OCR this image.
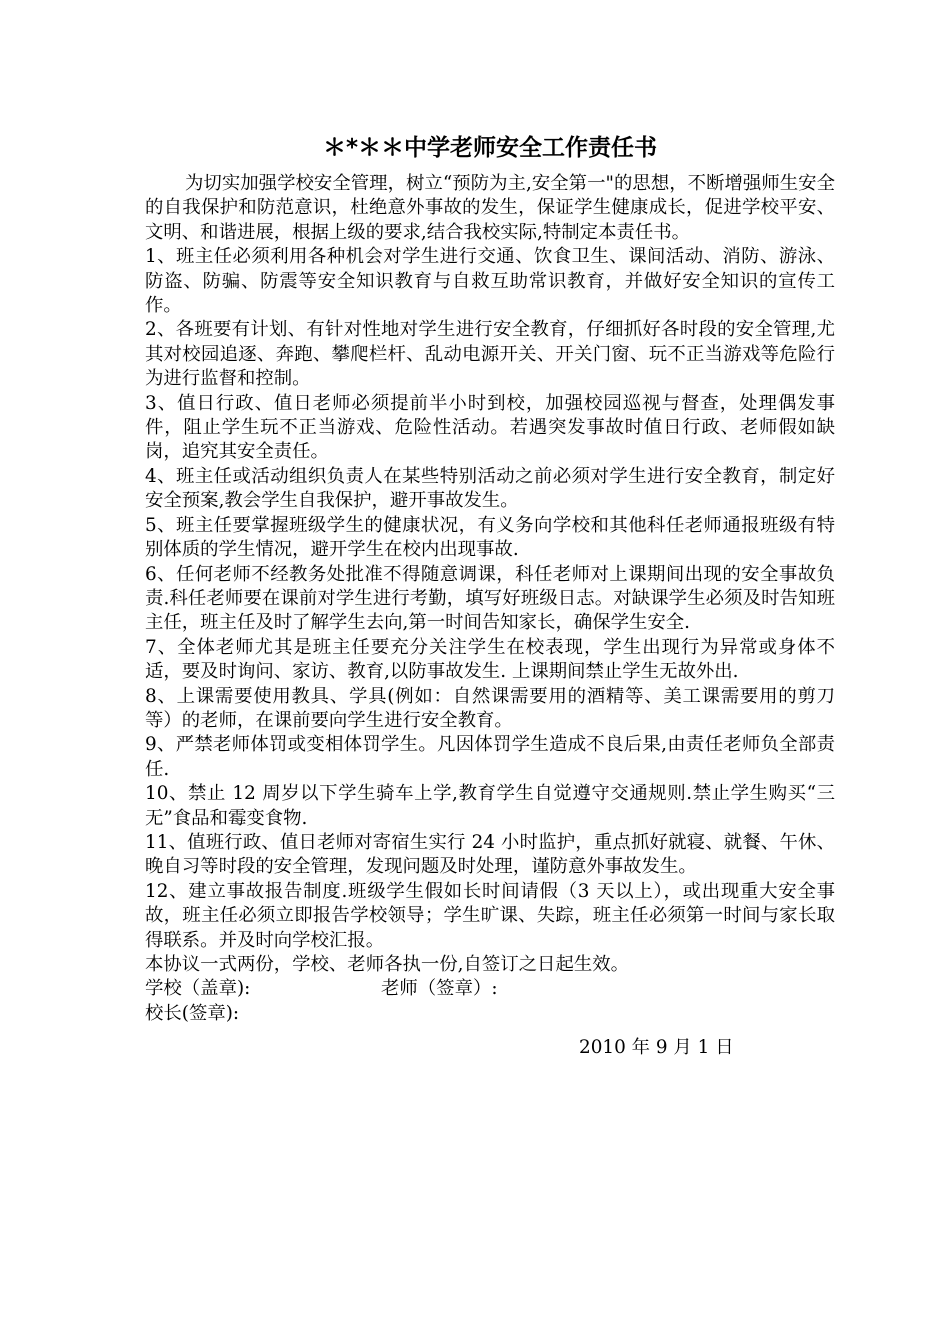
＊*＊＊中学老师安全工作责任书

为切实加强学校安全管理，树立“预防为主,安全第一"的思想，不断增强师生安全的自我保护和防范意识，杜绝意外事故的发生，保证学生健康成长，促进学校平安、文明、和谐进展，根据上级的要求,结合我校实际,特制定本责任书。

1、班主任必须利用各种机会对学生进行交通、饮食卫生、课间活动、消防、游泳、防盗、防骗、防震等安全知识教育与自救互助常识教育，并做好安全知识的宣传工作。

2、各班要有计划、有针对性地对学生进行安全教育，仔细抓好各时段的安全管理,尤其对校园追逐、奔跑、攀爬栏杆、乱动电源开关、开关门窗、玩不正当游戏等危险行为进行监督和控制。

3、值日行政、值日老师必须提前半小时到校，加强校园巡视与督查，处理偶发事件，阻止学生玩不正当游戏、危险性活动。若遇突发事故时值日行政、老师假如缺岗，追究其安全责任。

4、班主任或活动组织负责人在某些特别活动之前必须对学生进行安全教育，制定好安全预案,教会学生自我保护，避开事故发生。

5、班主任要掌握班级学生的健康状况，有义务向学校和其他科任老师通报班级有特别体质的学生情况，避开学生在校内出现事故.

6、任何老师不经教务处批准不得随意调课，科任老师对上课期间出现的安全事故负责.科任老师要在课前对学生进行考勤，填写好班级日志。对缺课学生必须及时告知班主任，班主任及时了解学生去向,第一时间告知家长，确保学生安全.

7、全体老师尤其是班主任要充分关注学生在校表现，学生出现行为异常或身体不适，要及时询问、家访、教育,以防事故发生. 上课期间禁止学生无故外出.

8、上课需要使用教具、学具(例如：自然课需要用的酒精等、美工课需要用的剪刀等）的老师，在课前要向学生进行安全教育。

9、严禁老师体罚或变相体罚学生。凡因体罚学生造成不良后果,由责任老师负全部责任.

10、禁止 12 周岁以下学生骑车上学,教育学生自觉遵守交通规则.禁止学生购买“三无”食品和霉变食物.

11、值班行政、值日老师对寄宿生实行 24 小时监护，重点抓好就寝、就餐、午休、晚自习等时段的安全管理，发现问题及时处理，谨防意外事故发生。

12、建立事故报告制度.班级学生假如长时间请假（3 天以上），或出现重大安全事故，班主任必须立即报告学校领导；学生旷课、失踪，班主任必须第一时间与家长取得联系。并及时向学校汇报。

本协议一式两份，学校、老师各执一份,自签订之日起生效。

学校（盖章):	老师（签章）:
校长(签章):
2010 年 9 月 1 日
